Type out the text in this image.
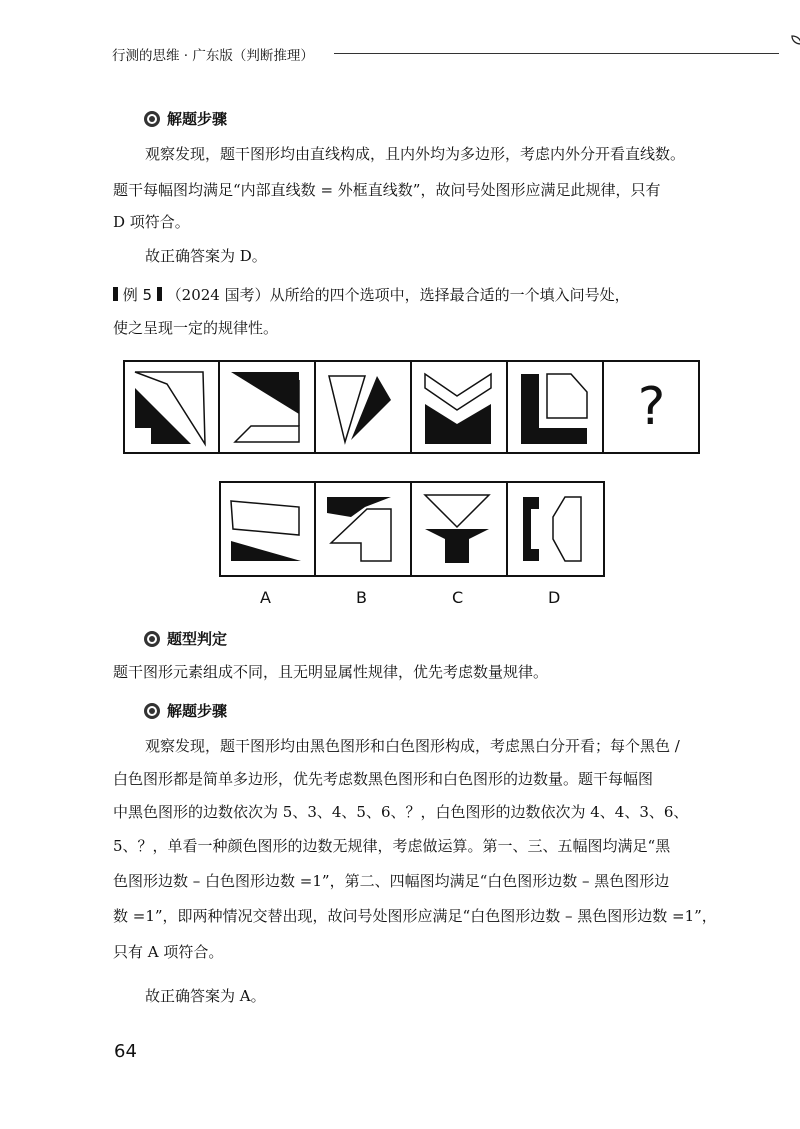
行测的思维 · 广东版（判断推理）
解题步骤
观察发现，题干图形均由直线构成，且内外均为多边形，考虑内外分开看直线数。
题干每幅图均满足“内部直线数 = 外框直线数”，故问号处图形应满足此规律，只有
D 项符合。
故正确答案为 D。
例 5 （2024 国考）从所给的四个选项中，选择最合适的一个填入问号处，
使之呈现一定的规律性。
?
A	B	C	D
题型判定
题干图形元素组成不同，且无明显属性规律，优先考虑数量规律。
解题步骤
观察发现，题干图形均由黑色图形和白色图形构成，考虑黑白分开看；每个黑色 /
白色图形都是简单多边形，优先考虑数黑色图形和白色图形的边数量。题干每幅图
中黑色图形的边数依次为 5、3、4、5、6、？，白色图形的边数依次为 4、4、3、6、
5、？，单看一种颜色图形的边数无规律，考虑做运算。第一、三、五幅图均满足“黑
色图形边数 – 白色图形边数 =1”，第二、四幅图均满足“白色图形边数 – 黑色图形边
数 =1”，即两种情况交替出现，故问号处图形应满足“白色图形边数 – 黑色图形边数 =1”，
只有 A 项符合。
故正确答案为 A。
64
